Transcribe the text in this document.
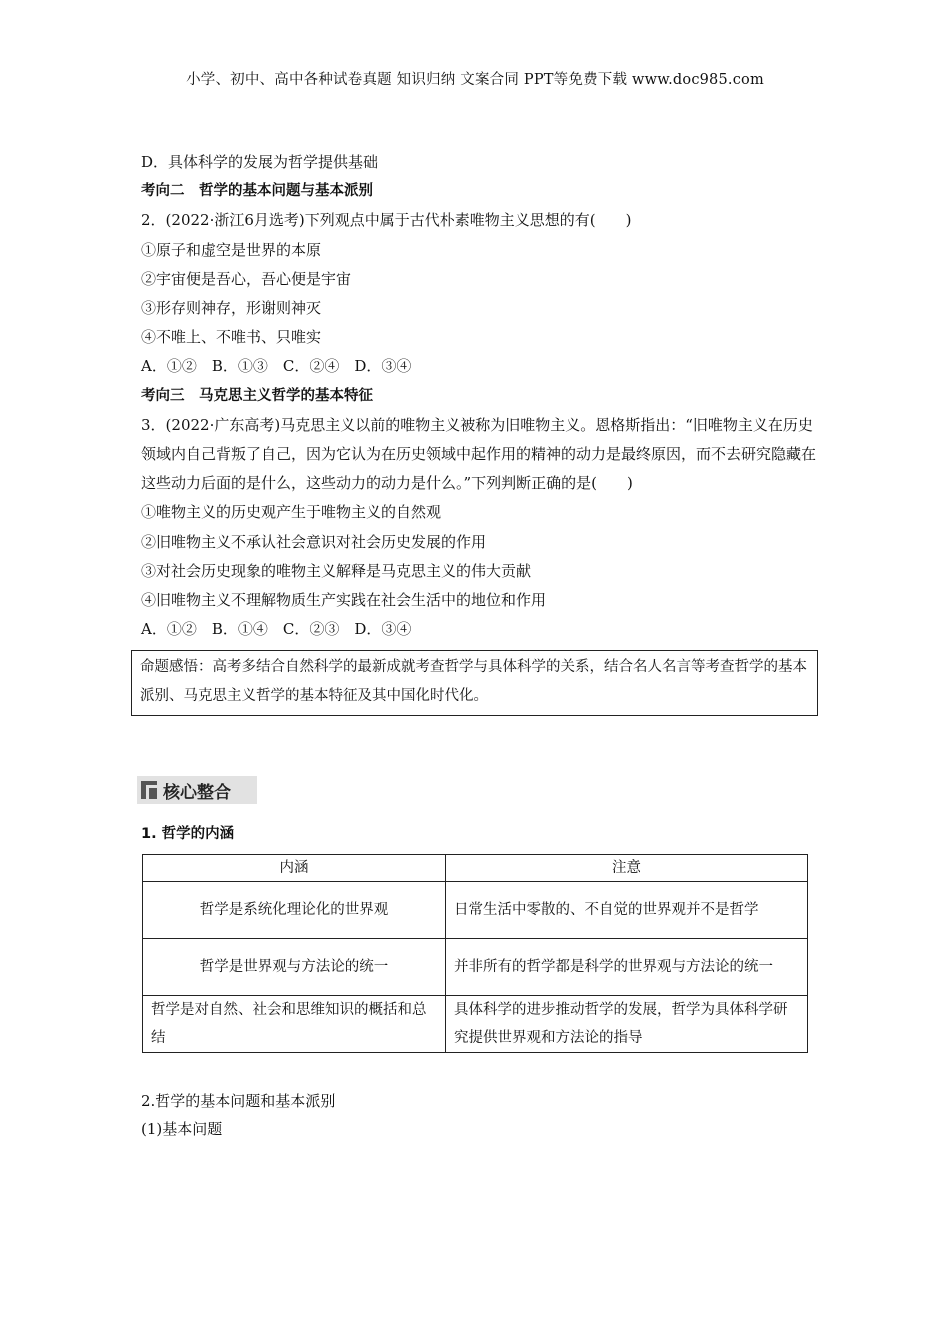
小学、初中、高中各种试卷真题 知识归纳 文案合同 PPT等免费下载 www.doc985.com
D．具体科学的发展为哲学提供基础
考向二　哲学的基本问题与基本派别
2．(2022·浙江6月选考)下列观点中属于古代朴素唯物主义思想的有(　　)
①原子和虚空是世界的本原
②宇宙便是吾心，吾心便是宇宙
③形存则神存，形谢则神灭
④不唯上、不唯书、只唯实
A．①②　B．①③　C．②④　D．③④
考向三　马克思主义哲学的基本特征
3．(2022·广东高考)马克思主义以前的唯物主义被称为旧唯物主义。恩格斯指出：“旧唯物主义在历史领域内自己背叛了自己，因为它认为在历史领域中起作用的精神的动力是最终原因，而不去研究隐藏在这些动力后面的是什么，这些动力的动力是什么。”下列判断正确的是(　　)
①唯物主义的历史观产生于唯物主义的自然观
②旧唯物主义不承认社会意识对社会历史发展的作用
③对社会历史现象的唯物主义解释是马克思主义的伟大贡献
④旧唯物主义不理解物质生产实践在社会生活中的地位和作用
A．①②　B．①④　C．②③　D．③④
命题感悟：高考多结合自然科学的最新成就考查哲学与具体科学的关系，结合名人名言等考查哲学的基本派别、马克思主义哲学的基本特征及其中国化时代化。
核心整合
1. 哲学的内涵
内涵	注意
哲学是系统化理论化的世界观	日常生活中零散的、不自觉的世界观并不是哲学
哲学是世界观与方法论的统一	并非所有的哲学都是科学的世界观与方法论的统一
哲学是对自然、社会和思维知识的概括和总结	具体科学的进步推动哲学的发展，哲学为具体科学研究提供世界观和方法论的指导
2.哲学的基本问题和基本派别
(1)基本问题
